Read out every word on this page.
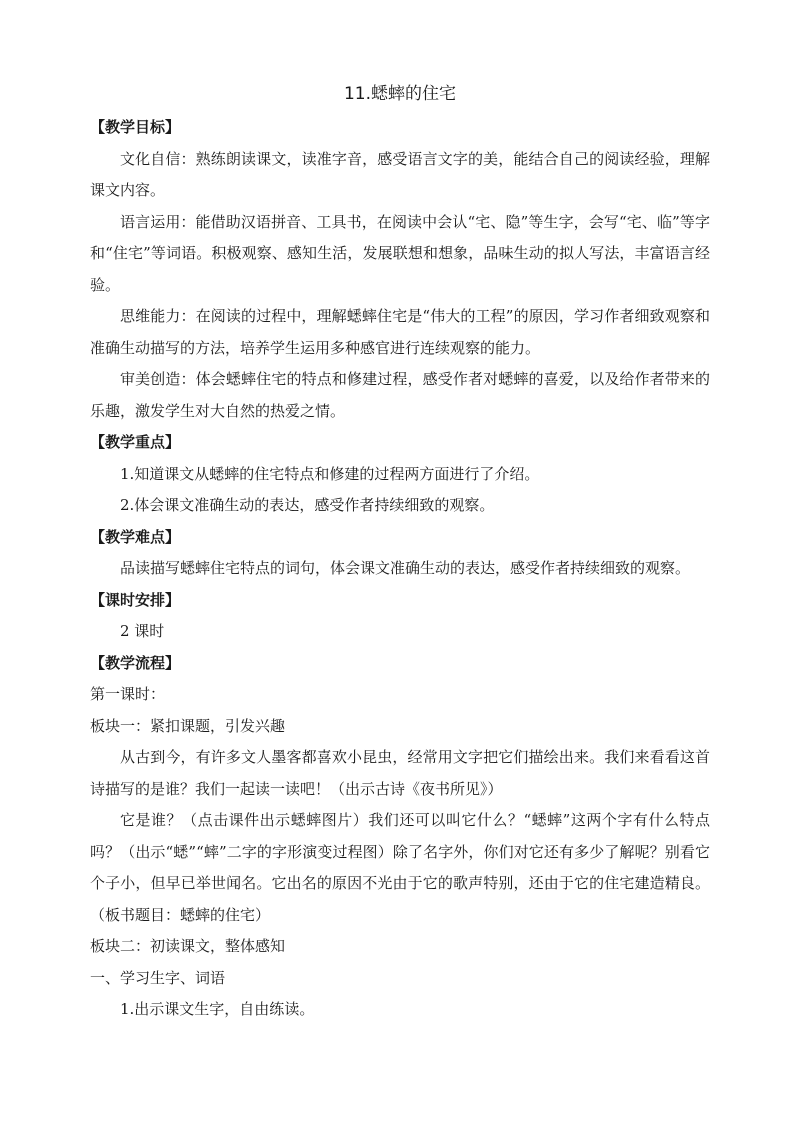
11.蟋蟀的住宅

【教学目标】

文化自信：熟练朗读课文，读准字音，感受语言文字的美，能结合自己的阅读经验，理解课文内容。

语言运用：能借助汉语拼音、工具书，在阅读中会认“宅、隐”等生字，会写“宅、临”等字和“住宅”等词语。积极观察、感知生活，发展联想和想象，品味生动的拟人写法，丰富语言经验。

思维能力：在阅读的过程中，理解蟋蟀住宅是“伟大的工程”的原因，学习作者细致观察和准确生动描写的方法，培养学生运用多种感官进行连续观察的能力。

审美创造：体会蟋蟀住宅的特点和修建过程，感受作者对蟋蟀的喜爱，以及给作者带来的乐趣，激发学生对大自然的热爱之情。

【教学重点】

1.知道课文从蟋蟀的住宅特点和修建的过程两方面进行了介绍。

2.体会课文准确生动的表达，感受作者持续细致的观察。

【教学难点】

品读描写蟋蟀住宅特点的词句，体会课文准确生动的表达，感受作者持续细致的观察。

【课时安排】

2 课时

【教学流程】

第一课时：

板块一：紧扣课题，引发兴趣

从古到今，有许多文人墨客都喜欢小昆虫，经常用文字把它们描绘出来。我们来看看这首诗描写的是谁？我们一起读一读吧！（出示古诗《夜书所见》）

它是谁？（点击课件出示蟋蟀图片）我们还可以叫它什么？“蟋蟀”这两个字有什么特点吗？（出示“蟋”“蟀”二字的字形演变过程图）除了名字外，你们对它还有多少了解呢？别看它个子小，但早已举世闻名。它出名的原因不光由于它的歌声特别，还由于它的住宅建造精良。（板书题目：蟋蟀的住宅）

板块二：初读课文，整体感知

一、学习生字、词语

1.出示课文生字，自由练读。
